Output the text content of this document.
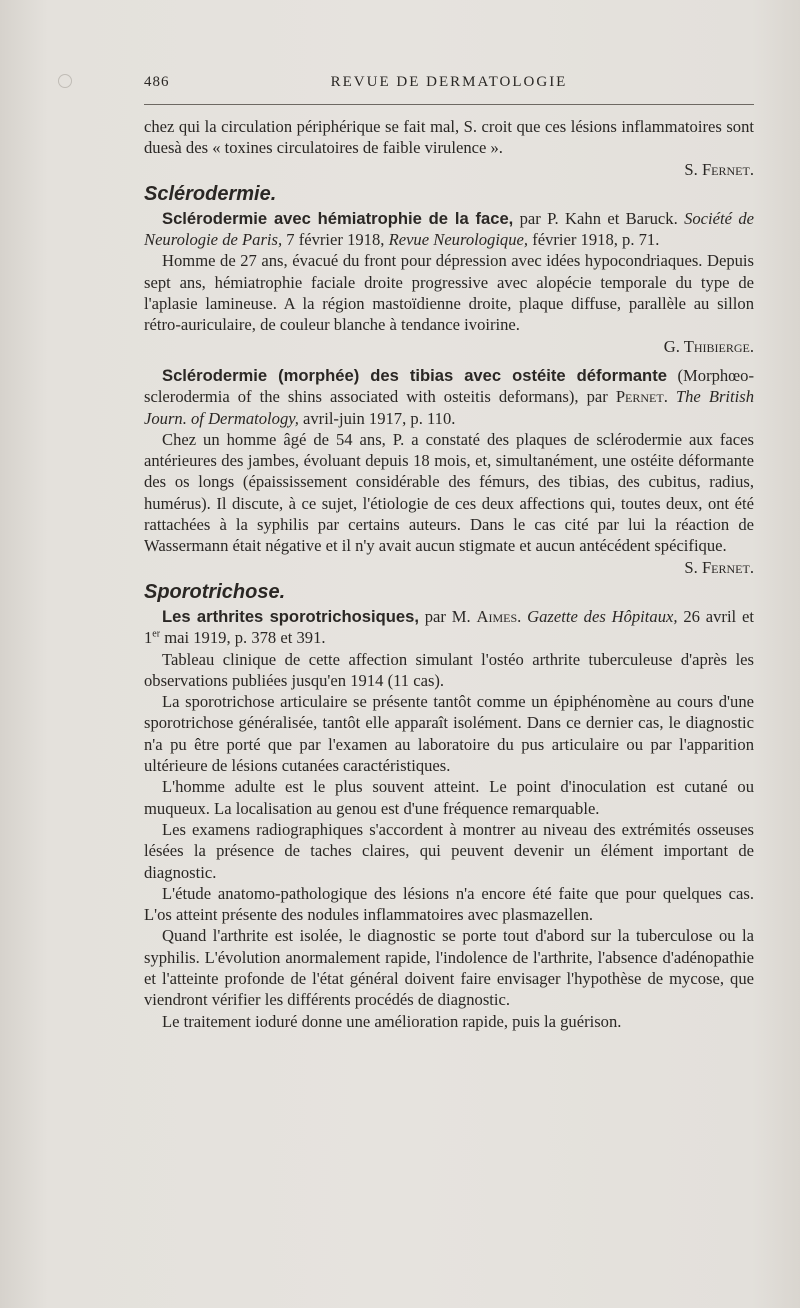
486	REVUE DE DERMATOLOGIE

chez qui la circulation périphérique se fait mal, S. croit que ces lésions inflammatoires sont duesà des « toxines circulatoires de faible virulence ».

S. Fernet.

Sclérodermie.

Sclérodermie avec hémiatrophie de la face, par P. Kahn et Baruck. Société de Neurologie de Paris, 7 février 1918, Revue Neurologique, février 1918, p. 71.

Homme de 27 ans, évacué du front pour dépression avec idées hypocondriaques. Depuis sept ans, hémiatrophie faciale droite progressive avec alopécie temporale du type de l'aplasie lamineuse. A la région mastoïdienne droite, plaque diffuse, parallèle au sillon rétro-auriculaire, de couleur blanche à tendance ivoirine.

G. Thibierge.

Sclérodermie (morphée) des tibias avec ostéite déformante (Morphœo-sclerodermia of the shins associated with osteitis deformans), par Pernet. The British Journ. of Dermatology, avril-juin 1917, p. 110.

Chez un homme âgé de 54 ans, P. a constaté des plaques de sclérodermie aux faces antérieures des jambes, évoluant depuis 18 mois, et, simultanément, une ostéite déformante des os longs (épaississement considérable des fémurs, des tibias, des cubitus, radius, humérus). Il discute, à ce sujet, l'étiologie de ces deux affections qui, toutes deux, ont été rattachées à la syphilis par certains auteurs. Dans le cas cité par lui la réaction de Wassermann était négative et il n'y avait aucun stigmate et aucun antécédent spécifique.

S. Fernet.

Sporotrichose.

Les arthrites sporotrichosiques, par M. Aimes. Gazette des Hôpitaux, 26 avril et 1er mai 1919, p. 378 et 391.

Tableau clinique de cette affection simulant l'ostéo arthrite tuberculeuse d'après les observations publiées jusqu'en 1914 (11 cas).

La sporotrichose articulaire se présente tantôt comme un épiphénomène au cours d'une sporotrichose généralisée, tantôt elle apparaît isolément. Dans ce dernier cas, le diagnostic n'a pu être porté que par l'examen au laboratoire du pus articulaire ou par l'apparition ultérieure de lésions cutanées caractéristiques.

L'homme adulte est le plus souvent atteint. Le point d'inoculation est cutané ou muqueux. La localisation au genou est d'une fréquence remarquable.

Les examens radiographiques s'accordent à montrer au niveau des extrémités osseuses lésées la présence de taches claires, qui peuvent devenir un élément important de diagnostic.

L'étude anatomo-pathologique des lésions n'a encore été faite que pour quelques cas. L'os atteint présente des nodules inflammatoires avec plasmazellen.

Quand l'arthrite est isolée, le diagnostic se porte tout d'abord sur la tuberculose ou la syphilis. L'évolution anormalement rapide, l'indolence de l'arthrite, l'absence d'adénopathie et l'atteinte profonde de l'état général doivent faire envisager l'hypothèse de mycose, que viendront vérifier les différents procédés de diagnostic.

Le traitement ioduré donne une amélioration rapide, puis la guérison.
